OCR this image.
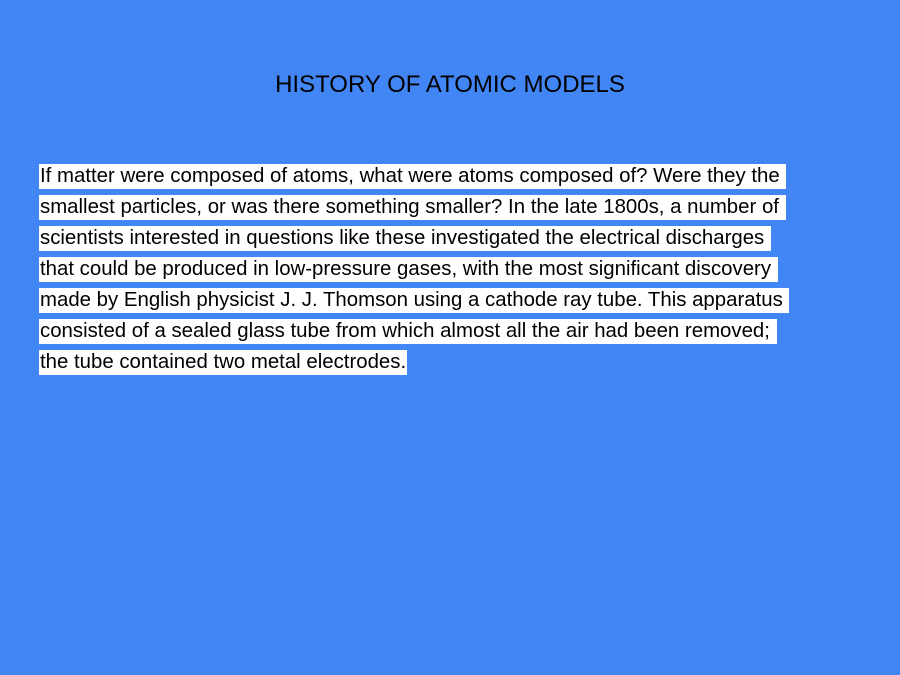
HISTORY OF ATOMIC MODELS
If matter were composed of atoms, what were atoms composed of? Were they the
smallest particles, or was there something smaller? In the late 1800s, a number of
scientists interested in questions like these investigated the electrical discharges
that could be produced in low-pressure gases, with the most significant discovery
made by English physicist J. J. Thomson using a cathode ray tube. This apparatus
consisted of a sealed glass tube from which almost all the air had been removed;
the tube contained two metal electrodes.
